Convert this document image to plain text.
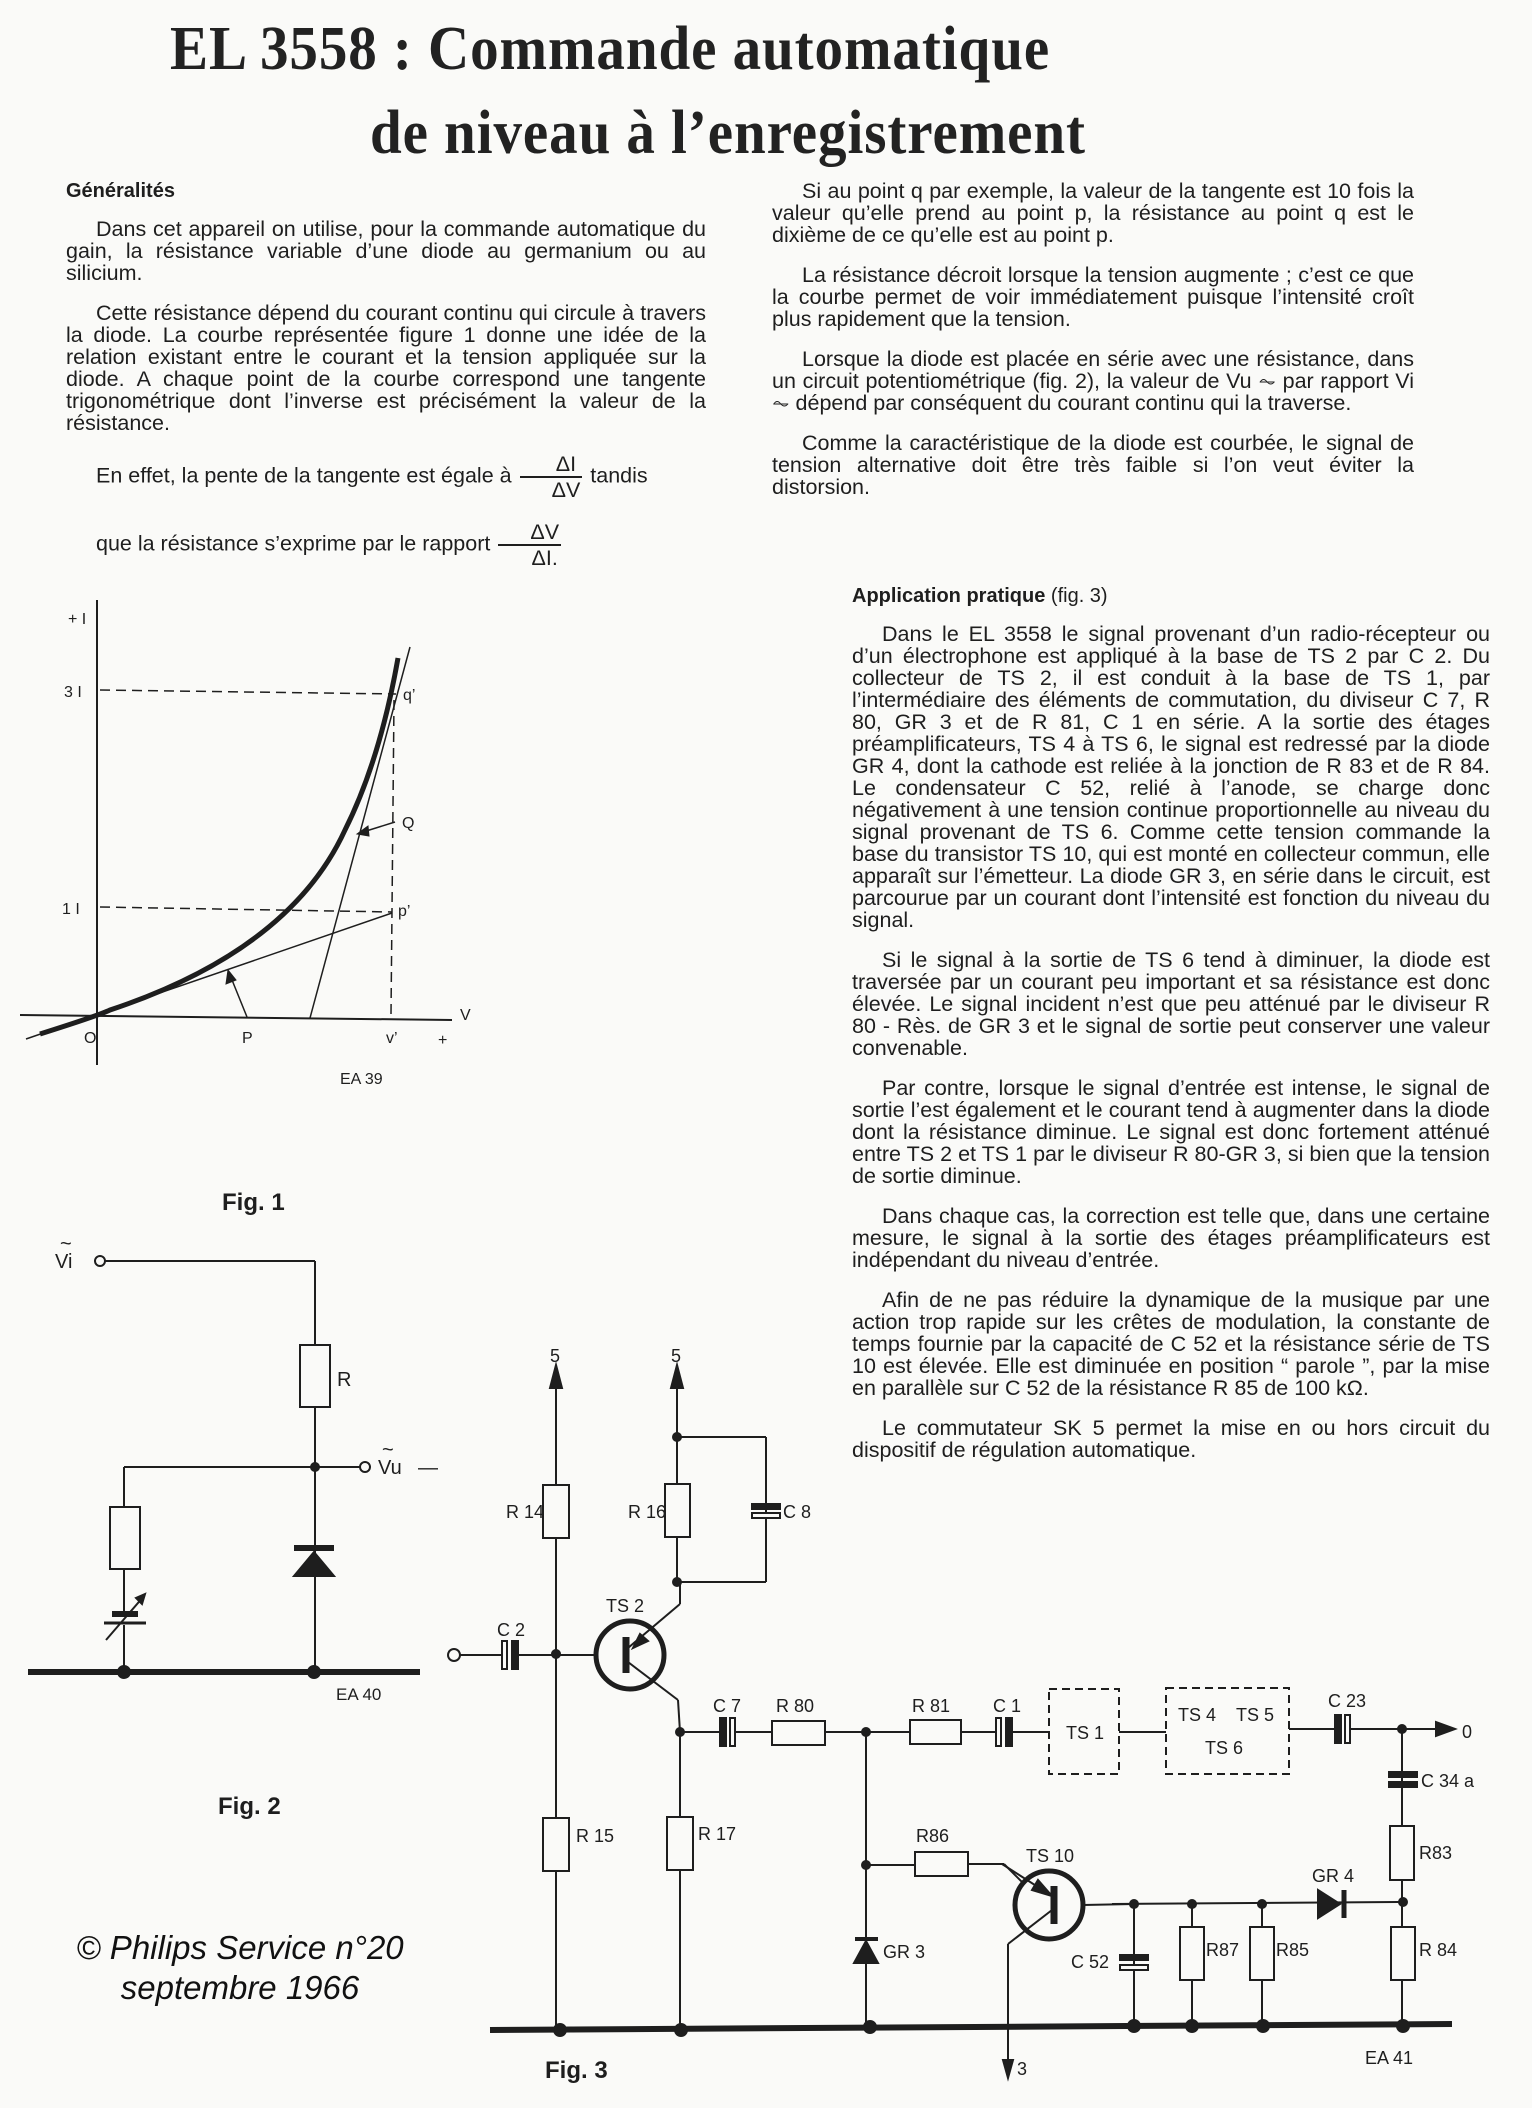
EL 3558 : Commande automatique
de niveau à l’enregistrement
Généralités

Dans cet appareil on utilise, pour la commande automatique du gain, la résistance variable d’une diode au germanium ou au silicium.

Cette résistance dépend du courant continu qui circule à travers la diode. La courbe représentée figure 1 donne une idée de la relation existant entre le courant et la tension appliquée sur la diode. A chaque point de la courbe correspond une tangente trigonométrique dont l’inverse est précisément la valeur de la résistance.

En effet, la pente de la tangente est égale à $\frac{\Delta I}{\Delta V}$ tandis

que la résistance s’exprime par le rapport $\frac{\Delta V}{\Delta I.}$

Si au point q par exemple, la valeur de la tangente est 10 fois la valeur qu’elle prend au point p, la résistance au point q est le dixième de ce qu’elle est au point p.

La résistance décroit lorsque la tension augmente ; c’est ce que la courbe permet de voir immédiatement puisque l’intensité croît plus rapidement que la tension.

Lorsque la diode est placée en série avec une résistance, dans un circuit potentiométrique (fig. 2), la valeur de Vu ⏦ par rapport Vi ⏦ dépend par conséquent du courant continu qui la traverse.

Comme la caractéristique de la diode est courbée, le signal de tension alternative doit être très faible si l’on veut éviter la distorsion.

Application pratique (fig. 3)

Dans le EL 3558 le signal provenant d’un radio-récepteur ou d’un électrophone est appliqué à la base de TS 2 par C 2. Du collecteur de TS 2, il est conduit à la base de TS 1, par l’intermédiaire des éléments de commutation, du diviseur C 7, R 80, GR 3 et de R 81, C 1 en série. A la sortie des étages préamplificateurs, TS 4 à TS 6, le signal est redressé par la diode GR 4, dont la cathode est reliée à la jonction de R 83 et de R 84. Le condensateur C 52, relié à l’anode, se charge donc négativement à une tension continue proportionnelle au niveau du signal provenant de TS 6. Comme cette tension commande la base du transistor TS 10, qui est monté en collecteur commun, elle apparaît sur l’émetteur. La diode GR 3, en série dans le circuit, est parcourue par un courant dont l’intensité est fonction du niveau du signal.

Si le signal à la sortie de TS 6 tend à diminuer, la diode est traversée par un courant peu important et sa résistance est donc élevée. Le signal incident n’est que peu atténué par le diviseur R 80 - Rès. de GR 3 et le signal de sortie peut conserver une valeur convenable.

Par contre, lorsque le signal d’entrée est intense, le signal de sortie l’est également et le courant tend à augmenter dans la diode dont la résistance diminue. Le signal est donc fortement atténué entre TS 2 et TS 1 par le diviseur R 80-GR 3, si bien que la tension de sortie diminue.

Dans chaque cas, la correction est telle que, dans une certaine mesure, le signal à la sortie des étages préamplificateurs est indépendant du niveau d’entrée.

Afin de ne pas réduire la dynamique de la musique par une action trop rapide sur les crêtes de modulation, la constante de temps fournie par la capacité de C 52 et la résistance série de TS 10 est élevée. Elle est diminuée en position “ parole ”, par la mise en parallèle sur C 52 de la résistance R 85 de 100 kΩ.

Le commutateur SK 5 permet la mise en ou hors circuit du dispositif de régulation automatique.

+ I
3 I
1 I
q’
Q
p’
V
O	P	v’	+
EA 39
Fig. 1
Vi
~
R
Vu
~
—
EA 40
Fig. 2
5	5
R 14	R 16	C 8
TS 2
C 2
C 7 R 80	R 81 C 1
TS 1
TS 4 TS 5
TS 6
C 23
0
C 34 a
R83
GR 4
R 84
R87 R85
C 52
TS 10
R86
GR 3
R 15	R 17
3
EA 41
Fig. 3
© Philips Service n°20
septembre 1966
